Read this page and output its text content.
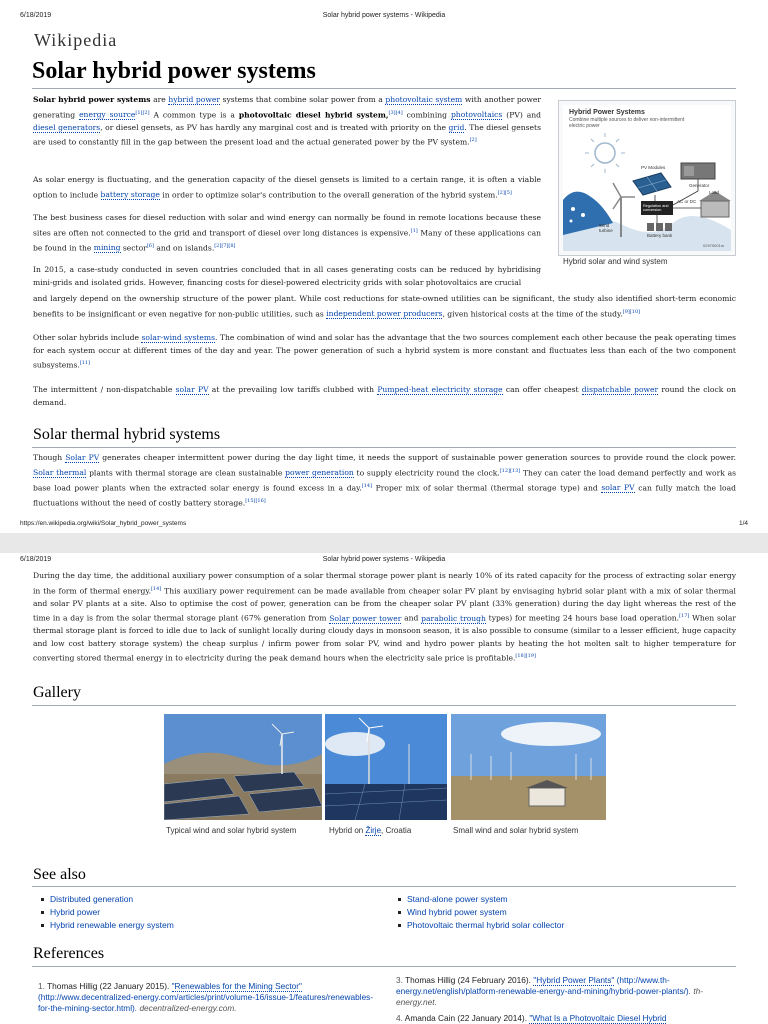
6/18/2019	Solar hybrid power systems - Wikipedia
Wikipedia
Solar hybrid power systems
Solar hybrid power systems are hybrid power systems that combine solar power from a photovoltaic system with another power generating energy source[1][2] A common type is a photovoltaic diesel hybrid system,[3][4] combining photovoltaics (PV) and diesel generators, or diesel gensets, as PV has hardly any marginal cost and is treated with priority on the grid. The diesel gensets are used to constantly fill in the gap between the present load and the actual generated power by the PV system.[2]
As solar energy is fluctuating, and the generation capacity of the diesel gensets is limited to a certain range, it is often a viable option to include battery storage in order to optimize solar's contribution to the overall generation of the hybrid system.[2][5]
The best business cases for diesel reduction with solar and wind energy can normally be found in remote locations because these sites are often not connected to the grid and transport of diesel over long distances is expensive.[1] Many of these applications can be found in the mining sector[6] and on islands.[2][7][8]
In 2015, a case-study conducted in seven countries concluded that in all cases generating costs can be reduced by hybridising mini-grids and isolated grids. However, financing costs for diesel-powered electricity grids with solar photovoltaics are crucial
and largely depend on the ownership structure of the power plant. While cost reductions for state-owned utilities can be significant, the study also identified short-term economic benefits to be insignificant or even negative for non-public utilities, such as independent power producers, given historical costs at the time of the study.[9][10]
Other solar hybrids include solar-wind systems. The combination of wind and solar has the advantage that the two sources complement each other because the peak operating times for each system occur at different times of the day and year. The power generation of such a hybrid system is more constant and fluctuates less than each of the two component subsystems.[11]
The intermittent / non-dispatchable solar PV at the prevailing low tariffs clubbed with Pumped-heat electricity storage can offer cheapest dispatchable power round the clock on demand.
Hybrid Power Systems
Combine multiple sources to deliver non-intermittent electric power
PV Modules
Generator
Regulation and conversion
AC or DC
Load
Wind turbine
Battery bank
02979001m
Hybrid solar and wind system
Solar thermal hybrid systems
Though Solar PV generates cheaper intermittent power during the day light time, it needs the support of sustainable power generation sources to provide round the clock power. Solar thermal plants with thermal storage are clean sustainable power generation to supply electricity round the clock.[12][13] They can cater the load demand perfectly and work as base load power plants when the extracted solar energy is found excess in a day.[14] Proper mix of solar thermal (thermal storage type) and solar PV can fully match the load fluctuations without the need of costly battery storage.[15][16]
https://en.wikipedia.org/wiki/Solar_hybrid_power_systems	1/4
6/18/2019	Solar hybrid power systems - Wikipedia
During the day time, the additional auxiliary power consumption of a solar thermal storage power plant is nearly 10% of its rated capacity for the process of extracting solar energy in the form of thermal energy.[14] This auxiliary power requirement can be made available from cheaper solar PV plant by envisaging hybrid solar plant with a mix of solar thermal and solar PV plants at a site. Also to optimise the cost of power, generation can be from the cheaper solar PV plant (33% generation) during the day light whereas the rest of the time in a day is from the solar thermal storage plant (67% generation from Solar power tower and parabolic trough types) for meeting 24 hours base load operation.[17] When solar thermal storage plant is forced to idle due to lack of sunlight locally during cloudy days in monsoon season, it is also possible to consume (similar to a lesser efficient, huge capacity and low cost battery storage system) the cheap surplus / infirm power from solar PV, wind and hydro power plants by heating the hot molten salt to higher temperature for converting stored thermal energy in to electricity during the peak demand hours when the electricity sale price is profitable.[18][19]
Gallery
Typical wind and solar hybrid system	Hybrid on Žirje, Croatia	Small wind and solar hybrid system
See also
Distributed generation
Hybrid power
Hybrid renewable energy system
Stand-alone power system
Wind hybrid power system
Photovoltaic thermal hybrid solar collector
References
1. Thomas Hillig (22 January 2015). "Renewables for the Mining Sector" (http://www.decentralized-energy.com/articles/print/volume-16/issue-1/features/renewables-for-the-mining-sector.html). decentralized-energy.com.
3. Thomas Hillig (24 February 2016). "Hybrid Power Plants" (http://www.th-energy.net/english/platform-renewable-energy-and-mining/hybrid-power-plants/). th-energy.net.
4. Amanda Cain (22 January 2014). "What Is a Photovoltaic Diesel Hybrid
